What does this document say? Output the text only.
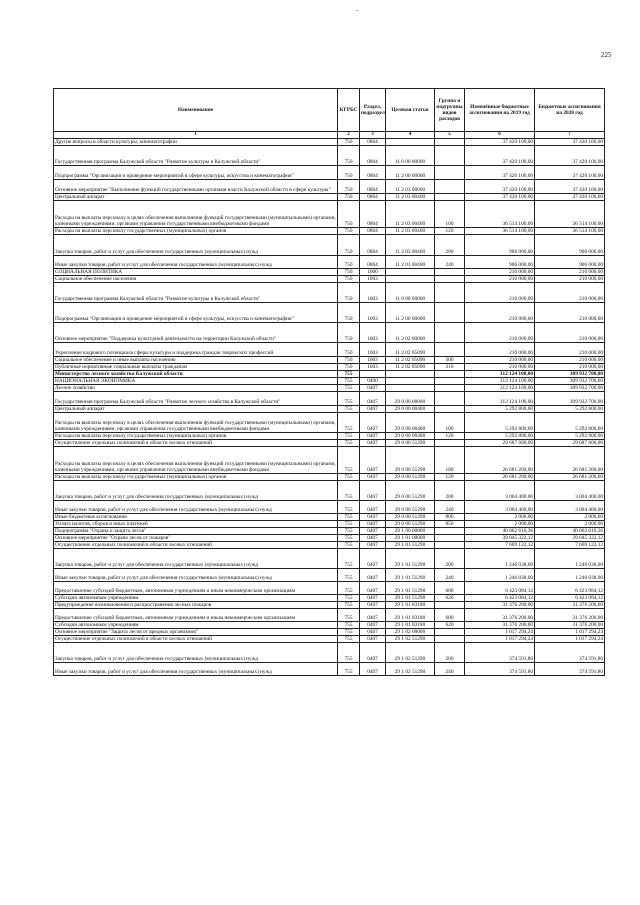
-
225
Наименование	КГРБС	Раздел, подраздел	Целевая статья	Группа и подгруппы видов расходов	Изменённые бюджетные ассигнования на 2019 год	Бюджетные ассигнования на 2020 год
1	2	3	4	5	6	7
Другие вопросы в области культуры, кинематографии	750	0804			37 420 100,00	37 420 100,00
Государственная программа Калужской области "Развитие культуры в Калужской области"	750	0804	11 0 00 00000		37 420 100,00	37 420 100,00
Подпрограмма "Организация и проведение мероприятий в сфере культуры, искусства и кинематографии"	750	0804	11 2 00 00000		37 420 100,00	37 420 100,00
Основное мероприятие "Выполнение функций государственными органами власти Калужской области в сфере культуры"	750	0804	11 2 03 00000		37 420 100,00	37 420 100,00
Центральный аппарат	750	0804	11 2 03 00400		37 420 100,00	37 420 100,00
Расходы на выплаты персоналу в целях обеспечения выполнения функций государственными (муниципальными) органами, казенными учреждениями, органами управления государственными внебюджетными фондами	750	0804	11 2 03 00400	100	36 514 100,00	36 514 100,00
Расходы на выплаты персоналу государственных (муниципальных) органов	750	0804	11 2 03 00400	120	36 514 100,00	36 514 100,00
Закупка товаров, работ и услуг для обеспечения государственных (муниципальных) нужд	750	0804	11 2 03 00400	200	906 000,00	906 000,00
Иные закупки товаров, работ и услуг для обеспечения государственных (муниципальных) нужд	750	0804	11 2 03 00400	240	906 000,00	906 000,00
СОЦИАЛЬНАЯ ПОЛИТИКА	750	1000			210 000,00	210 000,00
Социальное обеспечение населения	750	1003			210 000,00	210 000,00
Государственная программа Калужской области "Развитие культуры в Калужской области"	750	1003	11 0 00 00000		210 000,00	210 000,00
Подпрограмма "Организация и проведение мероприятий в сфере культуры, искусства и кинематографии"	750	1003	11 2 00 00000		210 000,00	210 000,00
Основное мероприятие "Поддержка культурной деятельности на территории Калужской области"	750	1003	11 2 02 00000		210 000,00	210 000,00
Укрепление кадрового потенциала сферы культуры и поддержка граждан творческих профессий	750	1003	11 2 02 05090		210 000,00	210 000,00
Социальное обеспечение и иные выплаты населению	750	1003	11 2 02 05090	300	210 000,00	210 000,00
Публичные нормативные социальные выплаты гражданам	750	1003	11 2 02 05090	310	210 000,00	210 000,00
Министерство лесного хозяйства Калужской области	755				312 124 100,00	309 932 700,00
НАЦИОНАЛЬНАЯ ЭКОНОМИКА	755	0400			312 124 100,00	309 932 700,00
Лесное хозяйство	755	0407			312 124 100,00	309 932 700,00
Государственная программа Калужской области "Развитие лесного хозяйства в Калужской области"	755	0407	29 0 00 00000		312 124 100,00	309 932 700,00
Центральный аппарат	755	0407	29 0 00 00400		5 292 800,00	5 292 800,00
Расходы на выплаты персоналу в целях обеспечения выполнения функций государственными (муниципальными) органами, казенными учреждениями, органами управления государственными внебюджетными фондами	755	0407	29 0 00 00400	100	5 292 800,00	5 292 800,00
Расходы на выплаты персоналу государственных (муниципальных) органов	755	0407	29 0 00 00400	120	5 292 800,00	5 292 800,00
Осуществление отдельных полномочий в области лесных отношений	755	0407	29 0 00 51290		29 687 600,00	29 687 600,00
Расходы на выплаты персоналу в целях обеспечения выполнения функций государственными (муниципальными) органами, казенными учреждениями, органами управления государственными внебюджетными фондами	755	0407	29 0 00 51290	100	26 681 200,00	26 681 200,00
Расходы на выплаты персоналу государственных (муниципальных) органов	755	0407	29 0 00 51290	120	26 681 200,00	26 681 200,00
Закупка товаров, работ и услуг для обеспечения государственных (муниципальных) нужд	755	0407	29 0 00 51290	200	3 004 400,00	3 004 400,00
Иные закупки товаров, работ и услуг для обеспечения государственных (муниципальных) нужд	755	0407	29 0 00 51290	240	3 004 400,00	3 004 400,00
Иные бюджетные ассигнования	755	0407	29 0 00 51290	800	2 000,00	2 000,00
Уплата налогов, сборов и иных платежей	755	0407	29 0 00 51290	850	2 000,00	2 000,00
Подпрограмма "Охрана и защита лесов"	755	0407	29 1 00 00000		40 062 616,36	40 062 616,36
Основное мероприятие "Охрана лесов от пожаров"	755	0407	29 1 01 00000		39 045 322,12	39 045 322,12
Осуществление отдельных полномочий в области лесных отношений	755	0407	29 1 01 51290		7 669 122,12	7 669 122,12
Закупка товаров, работ и услуг для обеспечения государственных (муниципальных) нужд	755	0407	29 1 01 51290	200	1 246 038,00	1 246 038,00
Иные закупки товаров, работ и услуг для обеспечения государственных (муниципальных) нужд	755	0407	29 1 01 51290	240	1 246 038,00	1 246 038,00
Предоставление субсидий бюджетным, автономным учреждениям и иным некоммерческим организациям	755	0407	29 1 01 51290	600	6 423 084,12	6 423 084,12
Субсидии автономным учреждениям	755	0407	29 1 01 51290	620	6 423 084,12	6 423 084,12
Предупреждение возникновения и распространения лесных пожаров	755	0407	29 1 01 83180		31 376 200,00	31 376 200,00
Предоставление субсидий бюджетным, автономным учреждениям и иным некоммерческим организациям	755	0407	29 1 01 83180	600	31 376 200,00	31 376 200,00
Субсидии автономным учреждениям	755	0407	29 1 01 83180	620	31 376 200,00	31 376 200,00
Основное мероприятие "Защита лесов от вредных организмов"	755	0407	29 1 02 00000		1 017 294,24	1 017 294,24
Осуществление отдельных полномочий в области лесных отношений	755	0407	29 1 02 51290		1 017 294,24	1 017 294,24
Закупка товаров, работ и услуг для обеспечения государственных (муниципальных) нужд	755	0407	29 1 02 51290	200	374 591,80	374 591,80
Иные закупки товаров, работ и услуг для обеспечения государственных (муниципальных) нужд	755	0407	29 1 02 51290	240	374 591,80	374 591,80
